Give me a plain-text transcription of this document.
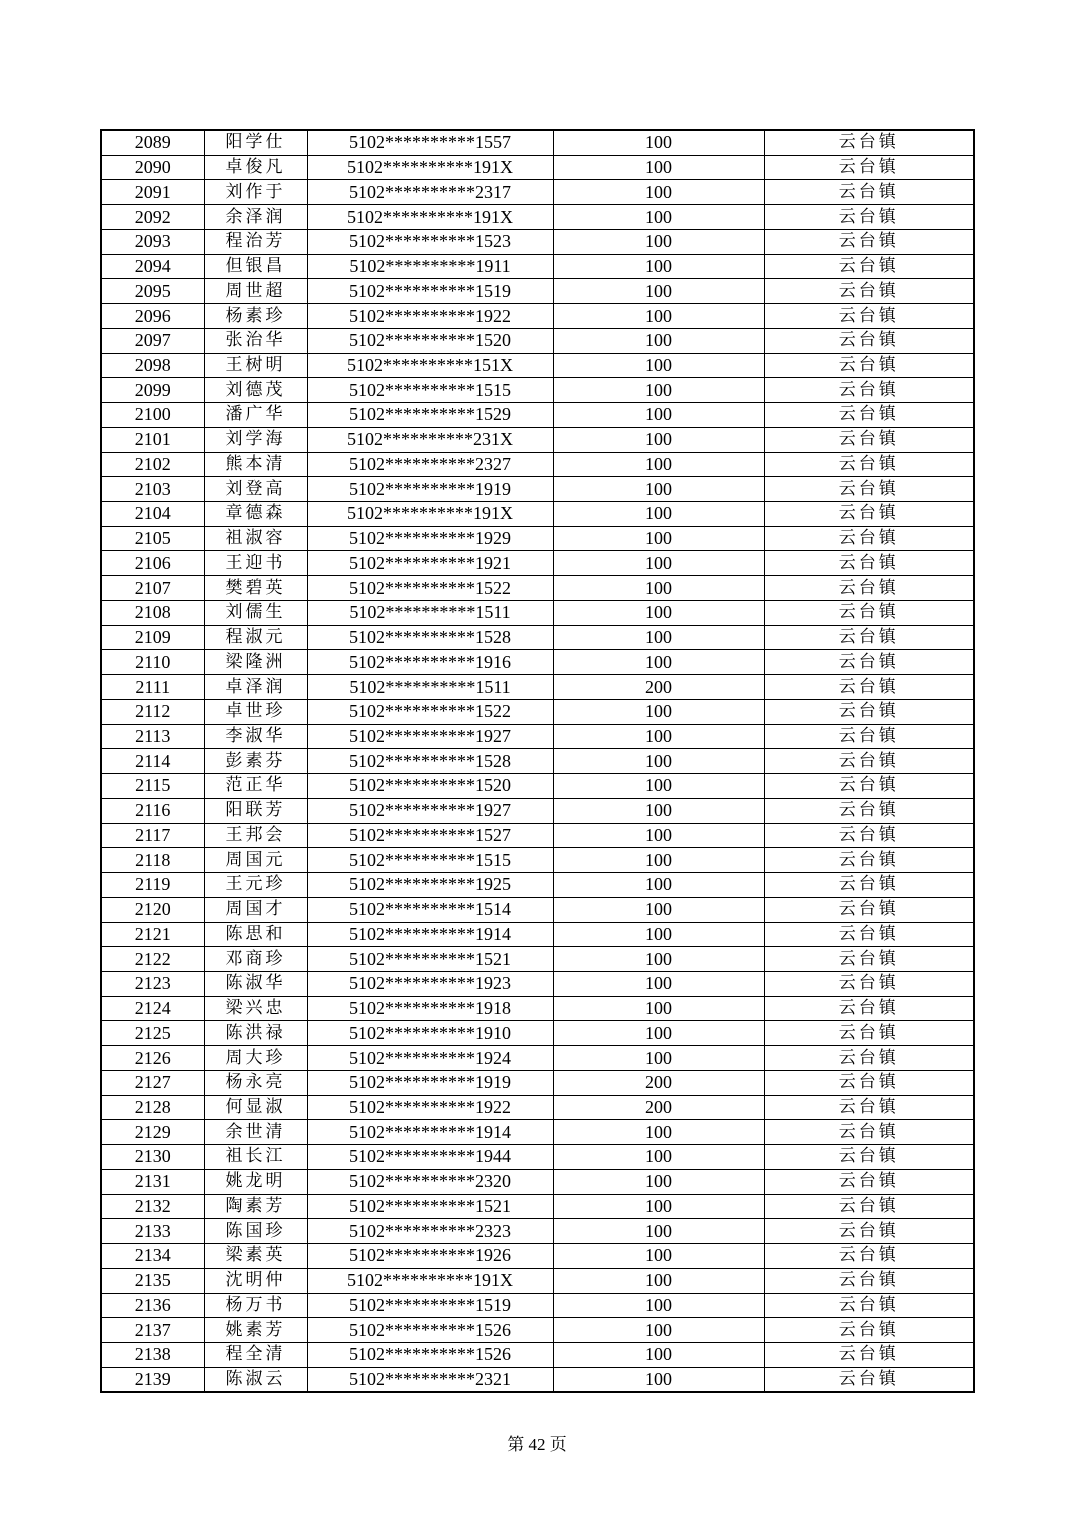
2089	阳学仕	5102**********1557	100	云台镇
2090	卓俊凡	5102**********191X	100	云台镇
2091	刘作于	5102**********2317	100	云台镇
2092	余泽润	5102**********191X	100	云台镇
2093	程治芳	5102**********1523	100	云台镇
2094	但银昌	5102**********1911	100	云台镇
2095	周世超	5102**********1519	100	云台镇
2096	杨素珍	5102**********1922	100	云台镇
2097	张治华	5102**********1520	100	云台镇
2098	王树明	5102**********151X	100	云台镇
2099	刘德茂	5102**********1515	100	云台镇
2100	潘广华	5102**********1529	100	云台镇
2101	刘学海	5102**********231X	100	云台镇
2102	熊本清	5102**********2327	100	云台镇
2103	刘登高	5102**********1919	100	云台镇
2104	章德森	5102**********191X	100	云台镇
2105	祖淑容	5102**********1929	100	云台镇
2106	王迎书	5102**********1921	100	云台镇
2107	樊碧英	5102**********1522	100	云台镇
2108	刘儒生	5102**********1511	100	云台镇
2109	程淑元	5102**********1528	100	云台镇
2110	梁隆洲	5102**********1916	100	云台镇
2111	卓泽润	5102**********1511	200	云台镇
2112	卓世珍	5102**********1522	100	云台镇
2113	李淑华	5102**********1927	100	云台镇
2114	彭素芬	5102**********1528	100	云台镇
2115	范正华	5102**********1520	100	云台镇
2116	阳联芳	5102**********1927	100	云台镇
2117	王邦会	5102**********1527	100	云台镇
2118	周国元	5102**********1515	100	云台镇
2119	王元珍	5102**********1925	100	云台镇
2120	周国才	5102**********1514	100	云台镇
2121	陈思和	5102**********1914	100	云台镇
2122	邓商珍	5102**********1521	100	云台镇
2123	陈淑华	5102**********1923	100	云台镇
2124	梁兴忠	5102**********1918	100	云台镇
2125	陈洪禄	5102**********1910	100	云台镇
2126	周大珍	5102**********1924	100	云台镇
2127	杨永亮	5102**********1919	200	云台镇
2128	何显淑	5102**********1922	200	云台镇
2129	余世清	5102**********1914	100	云台镇
2130	祖长江	5102**********1944	100	云台镇
2131	姚龙明	5102**********2320	100	云台镇
2132	陶素芳	5102**********1521	100	云台镇
2133	陈国珍	5102**********2323	100	云台镇
2134	梁素英	5102**********1926	100	云台镇
2135	沈明仲	5102**********191X	100	云台镇
2136	杨万书	5102**********1519	100	云台镇
2137	姚素芳	5102**********1526	100	云台镇
2138	程全清	5102**********1526	100	云台镇
2139	陈淑云	5102**********2321	100	云台镇
第 42 页
